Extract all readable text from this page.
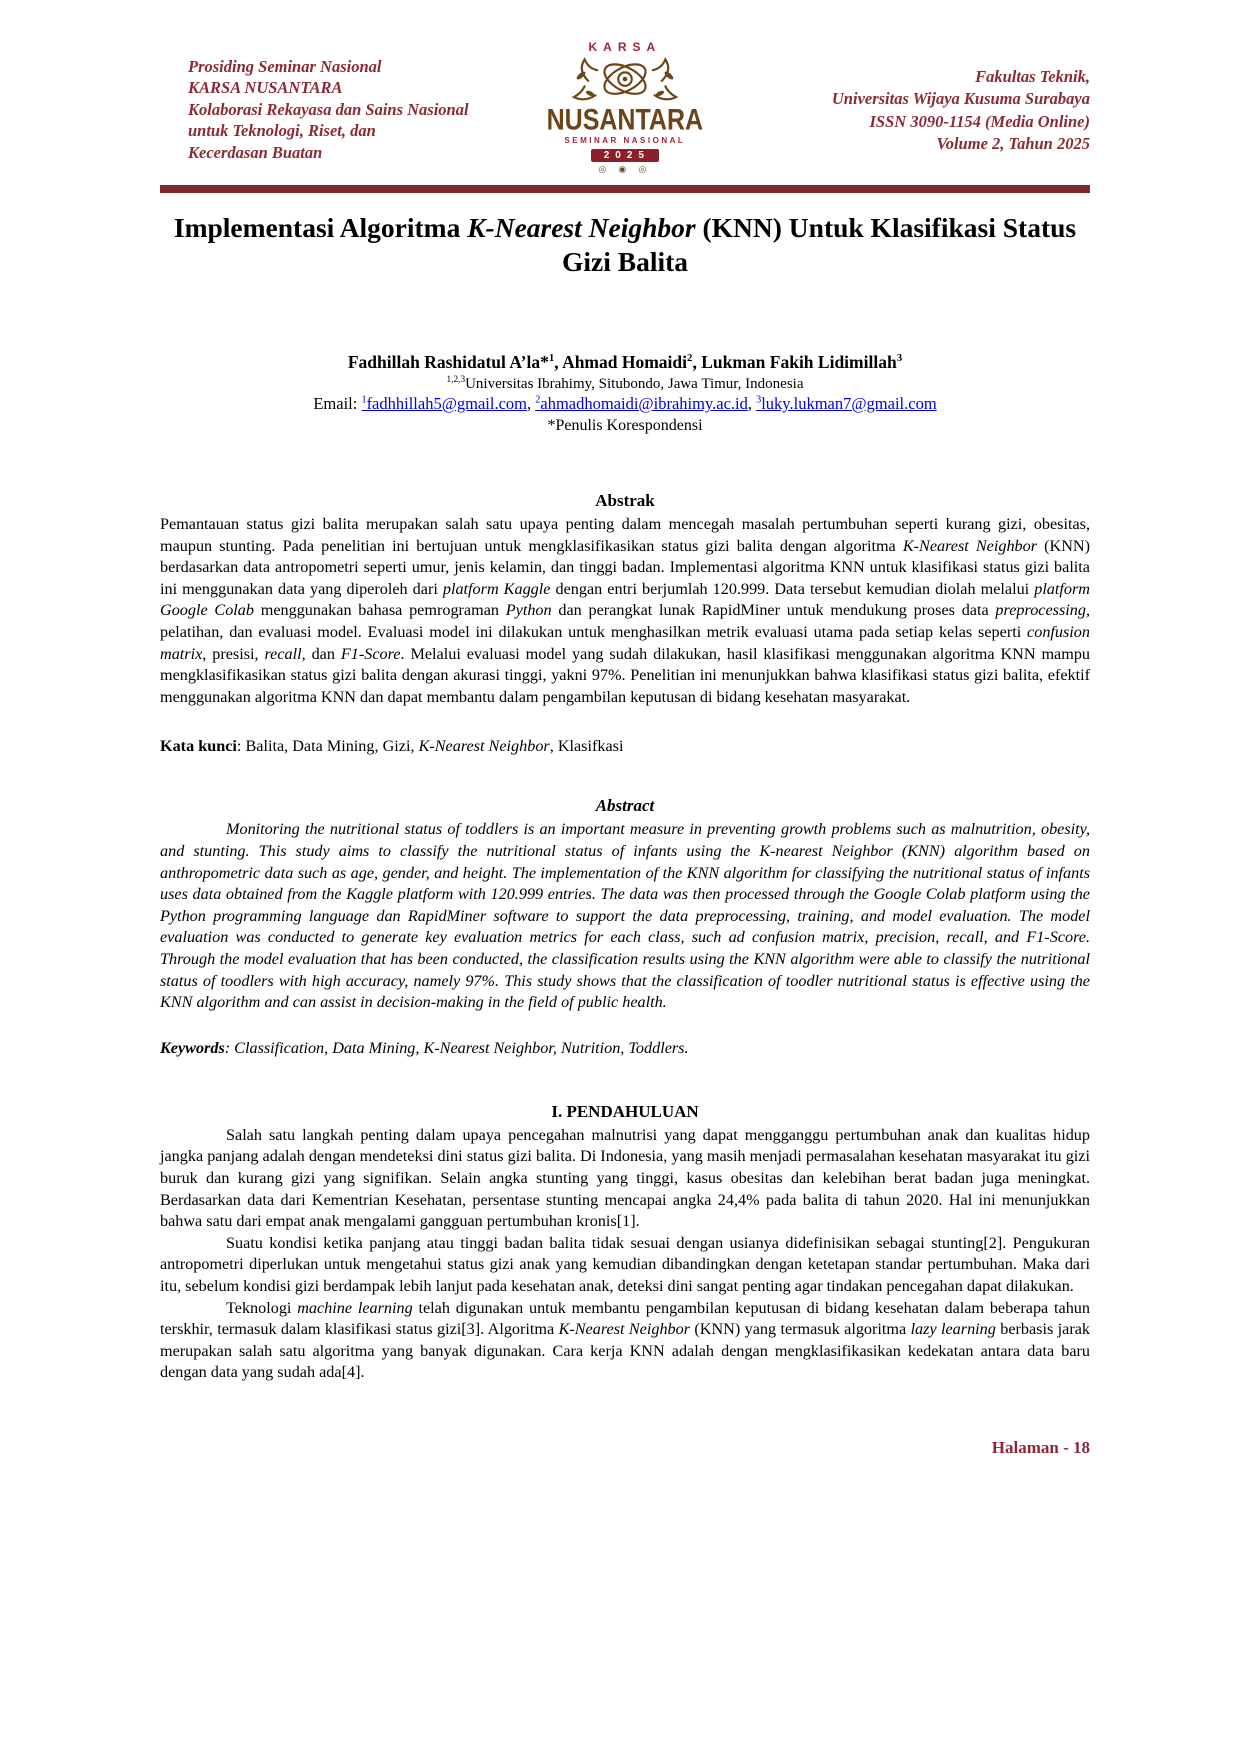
Prosiding Seminar Nasional
KARSA NUSANTARA
Kolaborasi Rekayasa dan Sains Nasional
untuk Teknologi, Riset, dan
Kecerdasan Buatan
KARSA
NUSANTARA
SEMINAR NASIONAL
2025
◎ ◉ ◎
Fakultas Teknik,
Universitas Wijaya Kusuma Surabaya
ISSN 3090-1154 (Media Online)
Volume 2, Tahun 2025
Implementasi Algoritma K-Nearest Neighbor (KNN) Untuk Klasifikasi Status Gizi Balita
Fadhillah Rashidatul A’la*$^1$, Ahmad Homaidi$^2$, Lukman Fakih Lidimillah$^3$
$^{1,2,3}$Universitas Ibrahimy, Situbondo, Jawa Timur, Indonesia
Email: $^1$fadhhillah5@gmail.com, $^2$ahmadhomaidi@ibrahimy.ac.id, $^3$luky.lukman7@gmail.com
*Penulis Korespondensi
Abstrak
Pemantauan status gizi balita merupakan salah satu upaya penting dalam mencegah masalah pertumbuhan seperti kurang gizi, obesitas, maupun stunting. Pada penelitian ini bertujuan untuk mengklasifikasikan status gizi balita dengan algoritma K-Nearest Neighbor (KNN) berdasarkan data antropometri seperti umur, jenis kelamin, dan tinggi badan. Implementasi algoritma KNN untuk klasifikasi status gizi balita ini menggunakan data yang diperoleh dari platform Kaggle dengan entri berjumlah 120.999. Data tersebut kemudian diolah melalui platform Google Colab menggunakan bahasa pemrograman Python dan perangkat lunak RapidMiner untuk mendukung proses data preprocessing, pelatihan, dan evaluasi model. Evaluasi model ini dilakukan untuk menghasilkan metrik evaluasi utama pada setiap kelas seperti confusion matrix, presisi, recall, dan F1-Score. Melalui evaluasi model yang sudah dilakukan, hasil klasifikasi menggunakan algoritma KNN mampu mengklasifikasikan status gizi balita dengan akurasi tinggi, yakni 97%. Penelitian ini menunjukkan bahwa klasifikasi status gizi balita, efektif menggunakan algoritma KNN dan dapat membantu dalam pengambilan keputusan di bidang kesehatan masyarakat.
Kata kunci: Balita, Data Mining, Gizi, K-Nearest Neighbor, Klasifkasi
Abstract
Monitoring the nutritional status of toddlers is an important measure in preventing growth problems such as malnutrition, obesity, and stunting. This study aims to classify the nutritional status of infants using the K-nearest Neighbor (KNN) algorithm based on anthropometric data such as age, gender, and height. The implementation of the KNN algorithm for classifying the nutritional status of infants uses data obtained from the Kaggle platform with 120.999 entries. The data was then processed through the Google Colab platform using the Python programming language dan RapidMiner software to support the data preprocessing, training, and model evaluation. The model evaluation was conducted to generate key evaluation metrics for each class, such ad confusion matrix, precision, recall, and F1-Score. Through the model evaluation that has been conducted, the classification results using the KNN algorithm were able to classify the nutritional status of toodlers with high accuracy, namely 97%. This study shows that the classification of toodler nutritional status is effective using the KNN algorithm and can assist in decision-making in the field of public health.
Keywords: Classification, Data Mining, K-Nearest Neighbor, Nutrition, Toddlers.
I. PENDAHULUAN

Salah satu langkah penting dalam upaya pencegahan malnutrisi yang dapat mengganggu pertumbuhan anak dan kualitas hidup jangka panjang adalah dengan mendeteksi dini status gizi balita. Di Indonesia, yang masih menjadi permasalahan kesehatan masyarakat itu gizi buruk dan kurang gizi yang signifikan. Selain angka stunting yang tinggi, kasus obesitas dan kelebihan berat badan juga meningkat. Berdasarkan data dari Kementrian Kesehatan, persentase stunting mencapai angka 24,4% pada balita di tahun 2020. Hal ini menunjukkan bahwa satu dari empat anak mengalami gangguan pertumbuhan kronis[1].

Suatu kondisi ketika panjang atau tinggi badan balita tidak sesuai dengan usianya didefinisikan sebagai stunting[2]. Pengukuran antropometri diperlukan untuk mengetahui status gizi anak yang kemudian dibandingkan dengan ketetapan standar pertumbuhan. Maka dari itu, sebelum kondisi gizi berdampak lebih lanjut pada kesehatan anak, deteksi dini sangat penting agar tindakan pencegahan dapat dilakukan.

Teknologi machine learning telah digunakan untuk membantu pengambilan keputusan di bidang kesehatan dalam beberapa tahun terskhir, termasuk dalam klasifikasi status gizi[3]. Algoritma K-Nearest Neighbor (KNN) yang termasuk algoritma lazy learning berbasis jarak merupakan salah satu algoritma yang banyak digunakan. Cara kerja KNN adalah dengan mengklasifikasikan kedekatan antara data baru dengan data yang sudah ada[4].

Halaman - 18
